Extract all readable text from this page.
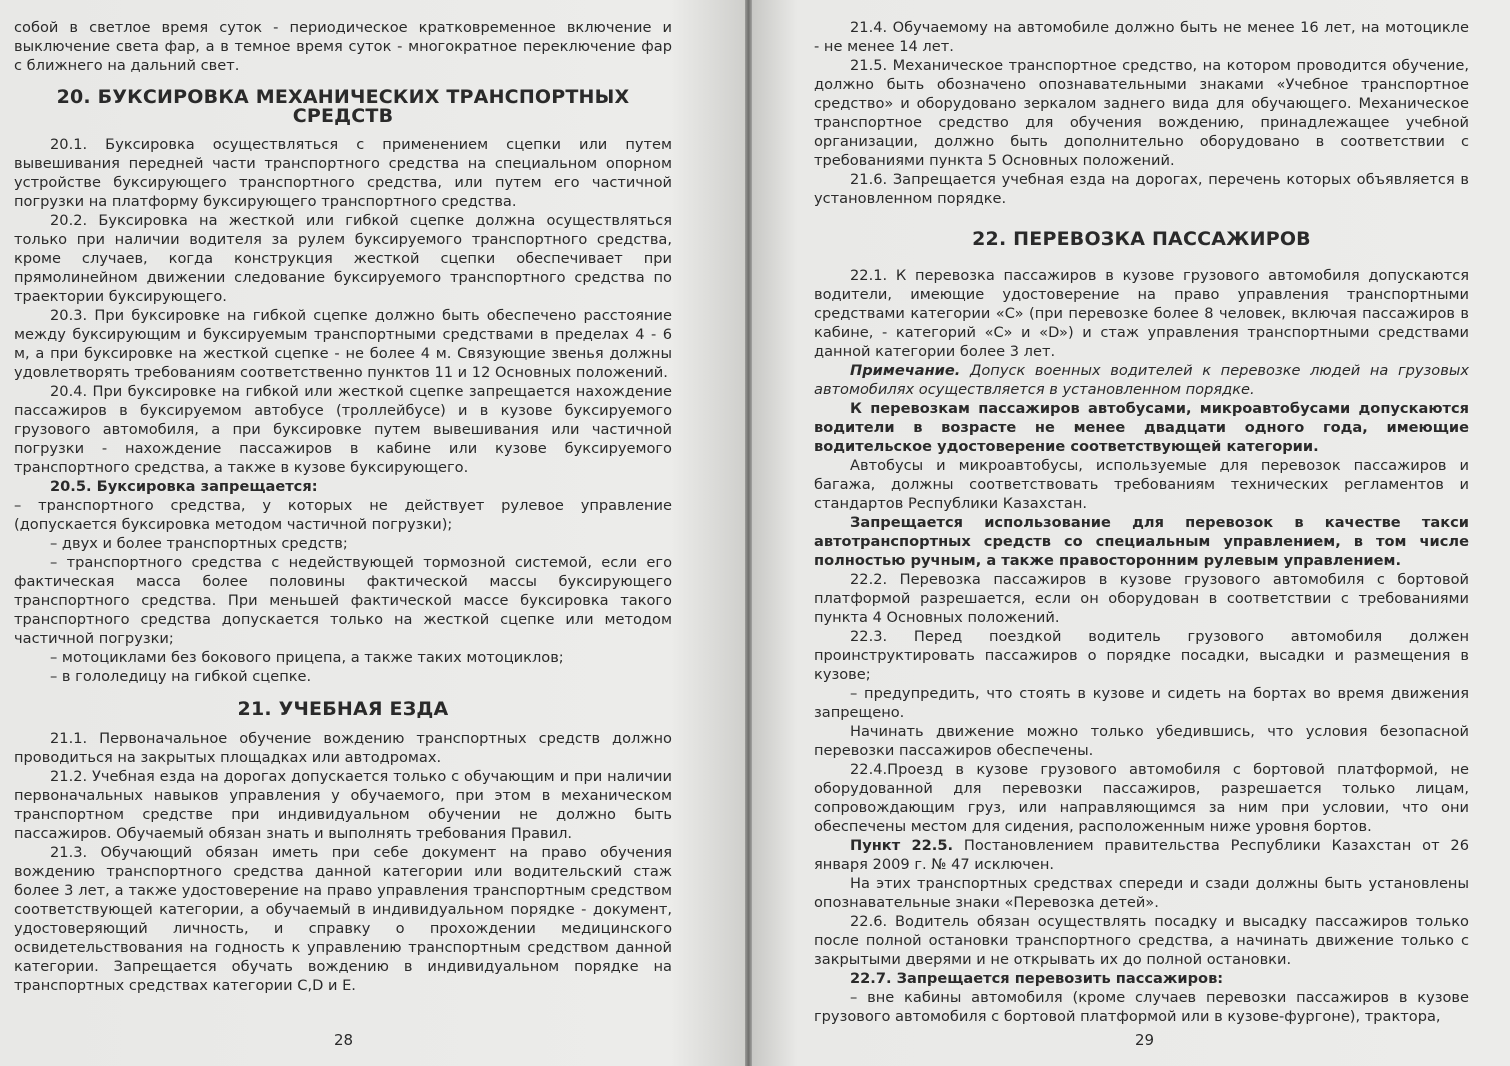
собой в светлое время суток - периодическое кратковременное включение и выключение света фар, а в темное время суток - многократное переключение фар с ближнего на дальний свет.

20. БУКСИРОВКА МЕХАНИЧЕСКИХ ТРАНСПОРТНЫХ СРЕДСТВ

20.1. Буксировка осуществляться с применением сцепки или путем вывешивания передней части транспортного средства на специальном опорном устройстве буксирующего транспортного средства, или путем его частичной погрузки на платформу буксирующего транспортного средства.

20.2. Буксировка на жесткой или гибкой сцепке должна осуществляться только при наличии водителя за рулем буксируемого транспортного средства, кроме случаев, когда конструкция жесткой сцепки обеспечивает при прямолинейном движении следование буксируемого транспортного средства по траектории буксирующего.

20.3. При буксировке на гибкой сцепке должно быть обеспечено расстояние между буксирующим и буксируемым транспортными средствами в пределах 4 - 6 м, а при буксировке на жесткой сцепке - не более 4 м. Связующие звенья должны удовлетворять требованиям соответственно пунктов 11 и 12 Основных положений.

20.4. При буксировке на гибкой или жесткой сцепке запрещается нахождение пассажиров в буксируемом автобусе (троллейбусе) и в кузове буксируемого грузового автомобиля, а при буксировке путем вывешивания или частичной погрузки - нахождение пассажиров в кабине или кузове буксируемого транспортного средства, а также в кузове буксирующего.

20.5. Буксировка запрещается:

– транспортного средства, у которых не действует рулевое управление (допускается буксировка методом частичной погрузки);

– двух и более транспортных средств;

– транспортного средства с недействующей тормозной системой, если его фактическая масса более половины фактической массы буксирующего транспортного средства. При меньшей фактической массе буксировка такого транспортного средства допускается только на жесткой сцепке или методом частичной погрузки;

– мотоциклами без бокового прицепа, а также таких мотоциклов;

– в гололедицу на гибкой сцепке.

21. УЧЕБНАЯ ЕЗДА

21.1. Первоначальное обучение вождению транспортных средств должно проводиться на закрытых площадках или автодромах.

21.2. Учебная езда на дорогах допускается только с обучающим и при наличии первоначальных навыков управления у обучаемого, при этом в механическом транспортном средстве при индивидуальном обучении не должно быть пассажиров. Обучаемый обязан знать и выполнять требования Правил.

21.3. Обучающий обязан иметь при себе документ на право обучения вождению транспортного средства данной категории или водительский стаж более 3 лет, а также удостоверение на право управления транспортным средством соответствующей категории, а обучаемый в индивидуальном порядке - документ, удостоверяющий личность, и справку о прохождении медицинского освидетельствования на годность к управлению транспортным средством данной категории. Запрещается обучать вождению в индивидуальном порядке на транспортных средствах категории C,D и E.

28

21.4. Обучаемому на автомобиле должно быть не менее 16 лет, на мотоцикле - не менее 14 лет.

21.5. Механическое транспортное средство, на котором проводится обучение, должно быть обозначено опознавательными знаками «Учебное транспортное средство» и оборудовано зеркалом заднего вида для обучающего. Механическое транспортное средство для обучения вождению, принадлежащее учебной организации, должно быть дополнительно оборудовано в соответствии с требованиями пункта 5 Основных положений.

21.6. Запрещается учебная езда на дорогах, перечень которых объявляется в установленном порядке.

22. ПЕРЕВОЗКА ПАССАЖИРОВ

22.1. К перевозка пассажиров в кузове грузового автомобиля допускаются водители, имеющие удостоверение на право управления транспортными средствами категории «C» (при перевозке более 8 человек, включая пассажиров в кабине, - категорий «C» и «D») и стаж управления транспортными средствами данной категории более 3 лет.

Примечание. Допуск военных водителей к перевозке людей на грузовых автомобилях осуществляется в установленном порядке.

К перевозкам пассажиров автобусами, микроавтобусами допускаются водители в возрасте не менее двадцати одного года, имеющие водительское удостоверение соответствующей категории.

Автобусы и микроавтобусы, используемые для перевозок пассажиров и багажа, должны соответствовать требованиям технических регламентов и стандартов Республики Казахстан.

Запрещается использование для перевозок в качестве такси автотранспортных средств со специальным управлением, в том числе полностью ручным, а также правосторонним рулевым управлением.

22.2. Перевозка пассажиров в кузове грузового автомобиля с бортовой платформой разрешается, если он оборудован в соответствии с требованиями пункта 4 Основных положений.

22.3. Перед поездкой водитель грузового автомобиля должен проинструктировать пассажиров о порядке посадки, высадки и размещения в кузове;

– предупредить, что стоять в кузове и сидеть на бортах во время движения запрещено.

Начинать движение можно только убедившись, что условия безопасной перевозки пассажиров обеспечены.

22.4.Проезд в кузове грузового автомобиля с бортовой платформой, не оборудованной для перевозки пассажиров, разрешается только лицам, сопровождающим груз, или направляющимся за ним при условии, что они обеспечены местом для сидения, расположенным ниже уровня бортов.

Пункт 22.5. Постановлением правительства Республики Казахстан от 26 января 2009 г. № 47 исключен.

На этих транспортных средствах спереди и сзади должны быть установлены опознавательные знаки «Перевозка детей».

22.6. Водитель обязан осуществлять посадку и высадку пассажиров только после полной остановки транспортного средства, а начинать движение только с закрытыми дверями и не открывать их до полной остановки.

22.7. Запрещается перевозить пассажиров:

– вне кабины автомобиля (кроме случаев перевозки пассажиров в кузове грузового автомобиля с бортовой платформой или в кузове-фургоне), трактора,

29
